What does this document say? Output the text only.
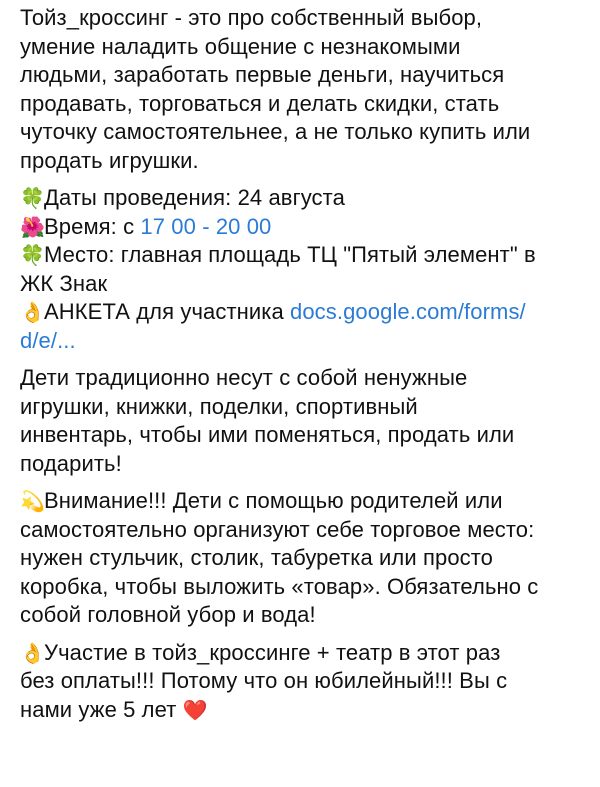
Тойз_кроссинг - это про собственный выбор,
умение наладить общение с незнакомыми
людьми, заработать первые деньги, научиться
продавать, торговаться и делать скидки, стать
чуточку самостоятельнее, а не только купить или
продать игрушки.
🍀Даты проведения: 24 августа
🌺Время: с 17 00 - 20 00
🍀Место: главная площадь ТЦ "Пятый элемент" в
ЖК Знак
👌АНКЕТА для участника docs.google.com/forms/
d/e/...
Дети традиционно несут с собой ненужные
игрушки, книжки, поделки, спортивный
инвентарь, чтобы ими поменяться, продать или
подарить!
💫Внимание!!! Дети с помощью родителей или
самостоятельно организуют себе торговое место:
нужен стульчик, столик, табуретка или просто
коробка, чтобы выложить «товар». Обязательно с
собой головной убор и вода!
👌Участие в тойз_кроссинге + театр в этот раз
без оплаты!!! Потому что он юбилейный!!! Вы с
нами уже 5 лет ❤️
